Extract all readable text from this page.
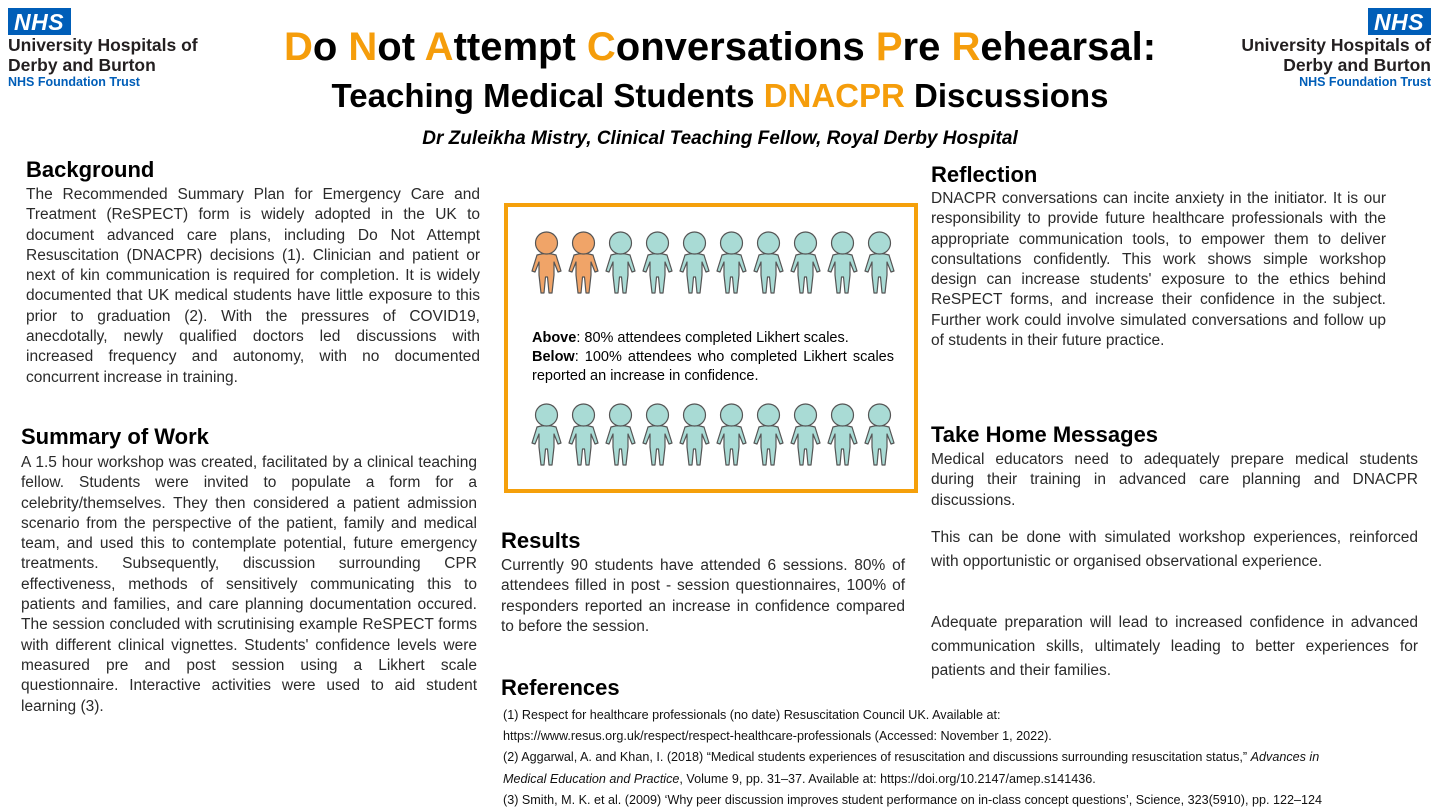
NHS
University Hospitals of
Derby and Burton
NHS Foundation Trust
NHS
University Hospitals of
Derby and Burton
NHS Foundation Trust
Do Not Attempt Conversations Pre Rehearsal:
Teaching Medical Students DNACPR Discussions
Dr Zuleikha Mistry, Clinical Teaching Fellow, Royal Derby Hospital
Background
The Recommended Summary Plan for Emergency Care and Treatment (ReSPECT) form is widely adopted in the UK to document advanced care plans, including Do Not Attempt Resuscitation (DNACPR) decisions (1). Clinician and patient or next of kin communication is required for completion. It is widely documented that UK medical students have little exposure to this prior to graduation (2). With the pressures of COVID19, anecdotally, newly qualified doctors led discussions with increased frequency and autonomy, with no documented concurrent increase in training.
Summary of Work
A 1.5 hour workshop was created, facilitated by a clinical teaching fellow. Students were invited to populate a form for a celebrity/themselves. They then considered a patient admission scenario from the perspective of the patient, family and medical team, and used this to contemplate potential, future emergency treatments. Subsequently, discussion surrounding CPR effectiveness, methods of sensitively communicating this to patients and families, and care planning documentation occured. The session concluded with scrutinising example ReSPECT forms with different clinical vignettes. Students' confidence levels were measured pre and post session using a Likhert scale questionnaire. Interactive activities were used to aid student learning (3).
Above: 80% attendees completed Likhert scales.
Below: 100% attendees who completed Likhert scales reported an increase in confidence.
Results
Currently 90 students have attended 6 sessions. 80% of attendees filled in post - session questionnaires, 100% of responders reported an increase in confidence compared to before the session.
Reflection
DNACPR conversations can incite anxiety in the initiator. It is our responsibility to provide future healthcare professionals with the appropriate communication tools, to empower them to deliver consultations confidently. This work shows simple workshop design can increase students' exposure to the ethics behind ReSPECT forms, and increase their confidence in the subject. Further work could involve simulated conversations and follow up of students in their future practice.
Take Home Messages
Medical educators need to adequately prepare medical students during their training in advanced care planning and DNACPR discussions.
This can be done with simulated workshop experiences, reinforced with opportunistic or organised observational experience.
Adequate preparation will lead to increased confidence in advanced communication skills, ultimately leading to better experiences for patients and their families.
References

(1) Respect for healthcare professionals (no date) Resuscitation Council UK. Available at:

https://www.resus.org.uk/respect/respect-healthcare-professionals (Accessed: November 1, 2022).

(2) Aggarwal, A. and Khan, I. (2018) “Medical students experiences of resuscitation and discussions surrounding resuscitation status,” Advances in

Medical Education and Practice, Volume 9, pp. 31–37. Available at: https://doi.org/10.2147/amep.s141436.

(3) Smith, M. K. et al. (2009) ‘Why peer discussion improves student performance on in-class concept questions’, Science, 323(5910), pp. 122–124
